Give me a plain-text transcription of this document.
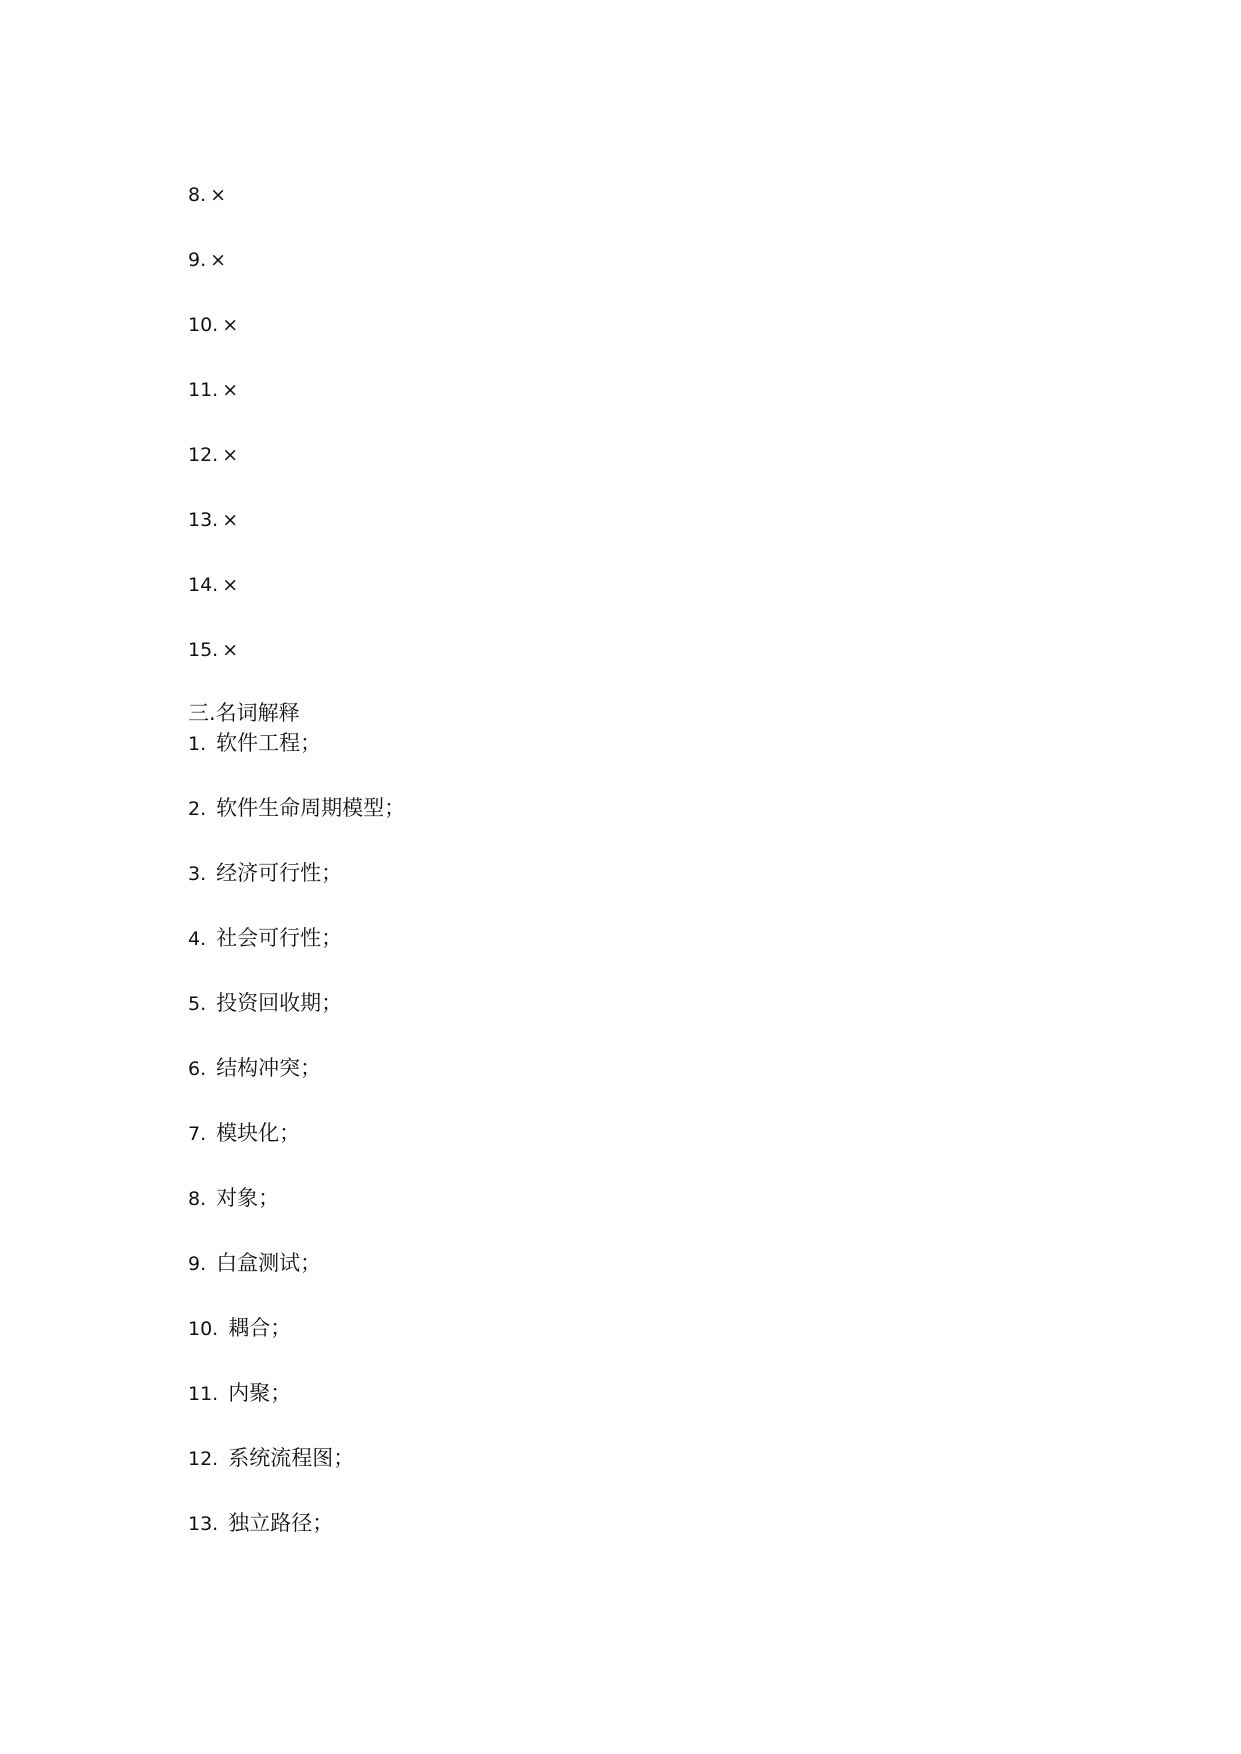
8. ×
9. ×
10. ×
11. ×
12. ×
13. ×
14. ×
15. ×
三.名词解释
1. 软件工程；
2. 软件生命周期模型；
3. 经济可行性；
4. 社会可行性；
5. 投资回收期；
6. 结构冲突；
7. 模块化；
8. 对象；
9. 白盒测试；
10. 耦合；
11. 内聚；
12. 系统流程图；
13. 独立路径；
